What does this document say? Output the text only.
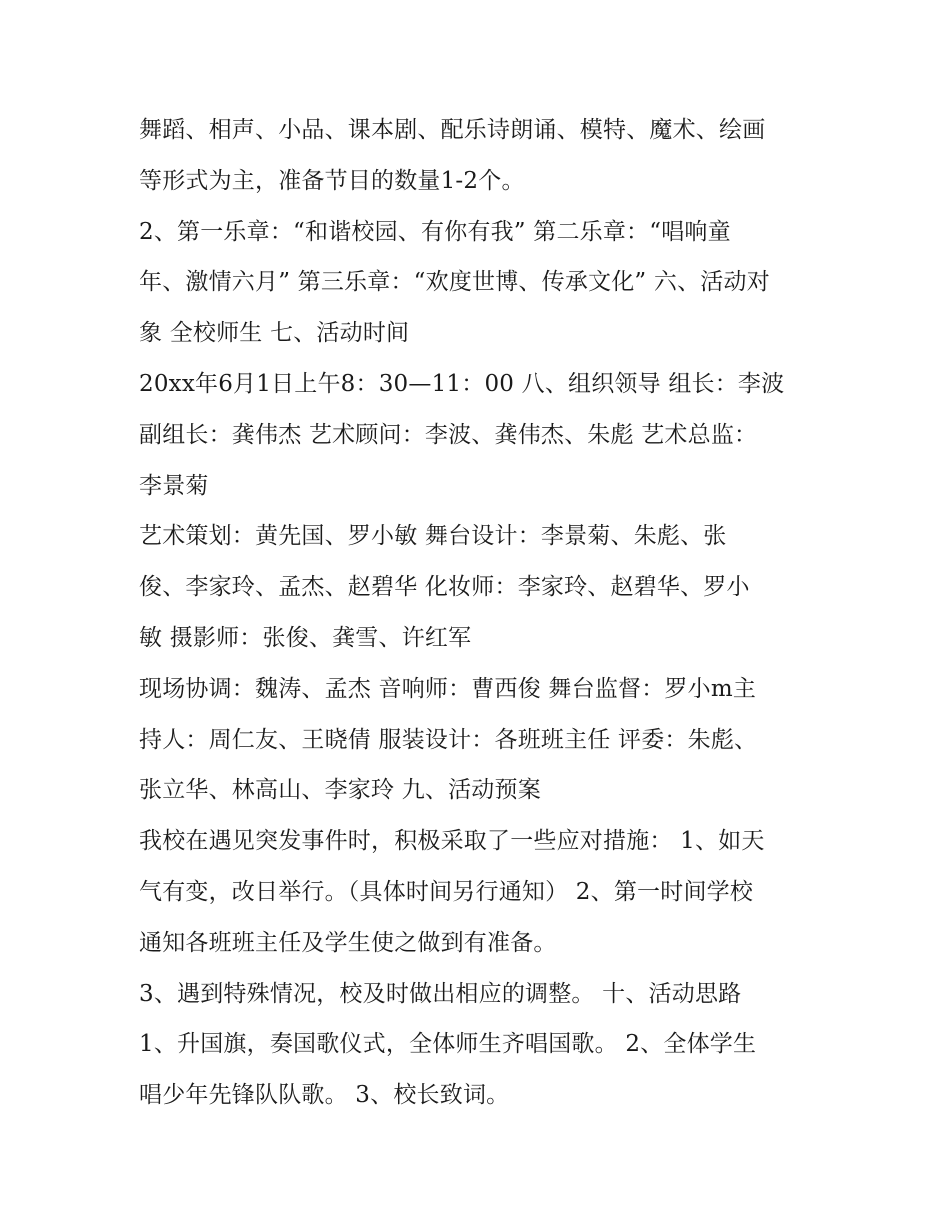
舞蹈、相声、小品、课本剧、配乐诗朗诵、模特、魔术、绘画
等形式为主，准备节目的数量1-2个。
2、第一乐章：“和谐校园、有你有我” 第二乐章：“唱响童
年、激情六月” 第三乐章：“欢度世博、传承文化” 六、活动对
象 全校师生 七、活动时间
20xx年6月1日上午8：30—11：00 八、组织领导 组长：李波
副组长：龚伟杰 艺术顾问：李波、龚伟杰、朱彪 艺术总监：
李景菊
艺术策划：黄先国、罗小敏 舞台设计：李景菊、朱彪、张
俊、李家玲、孟杰、赵碧华 化妆师：李家玲、赵碧华、罗小
敏 摄影师：张俊、龚雪、许红军
现场协调：魏涛、孟杰 音响师：曹西俊 舞台监督：罗小m主
持人：周仁友、王晓倩 服装设计：各班班主任 评委：朱彪、
张立华、林高山、李家玲 九、活动预案
我校在遇见突发事件时，积极采取了一些应对措施： 1、如天
气有变，改日举行。（具体时间另行通知） 2、第一时间学校
通知各班班主任及学生使之做到有准备。
3、遇到特殊情况，校及时做出相应的调整。 十、活动思路
1、升国旗，奏国歌仪式，全体师生齐唱国歌。 2、全体学生
唱少年先锋队队歌。 3、校长致词。
